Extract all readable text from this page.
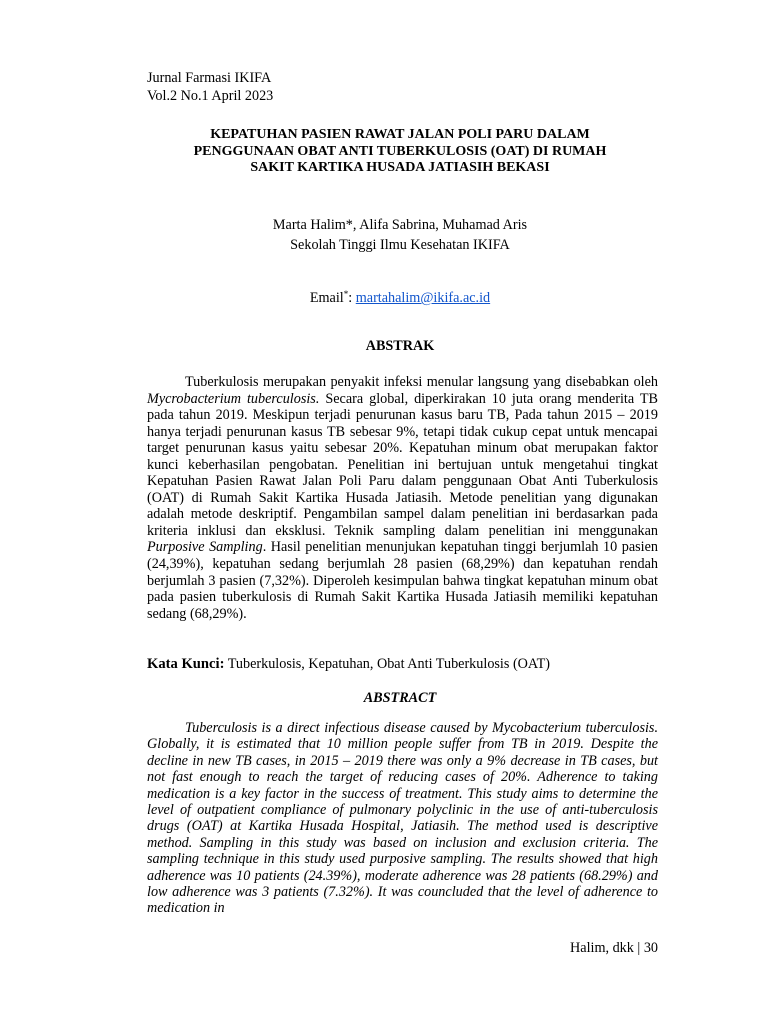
Jurnal Farmasi IKIFA
Vol.2 No.1 April 2023
KEPATUHAN PASIEN RAWAT JALAN POLI PARU DALAM
PENGGUNAAN OBAT ANTI TUBERKULOSIS (OAT) DI RUMAH
SAKIT KARTIKA HUSADA JATIASIH BEKASI
Marta Halim*, Alifa Sabrina, Muhamad Aris
Sekolah Tinggi Ilmu Kesehatan IKIFA
Email*: martahalim@ikifa.ac.id
ABSTRAK

Tuberkulosis merupakan penyakit infeksi menular langsung yang disebabkan oleh Mycrobacterium tuberculosis. Secara global, diperkirakan 10 juta orang menderita TB pada tahun 2019. Meskipun terjadi penurunan kasus baru TB, Pada tahun 2015 – 2019 hanya terjadi penurunan kasus TB sebesar 9%, tetapi tidak cukup cepat untuk mencapai target penurunan kasus yaitu sebesar 20%. Kepatuhan minum obat merupakan faktor kunci keberhasilan pengobatan. Penelitian ini bertujuan untuk mengetahui tingkat Kepatuhan Pasien Rawat Jalan Poli Paru dalam penggunaan Obat Anti Tuberkulosis (OAT) di Rumah Sakit Kartika Husada Jatiasih. Metode penelitian yang digunakan adalah metode deskriptif. Pengambilan sampel dalam penelitian ini berdasarkan pada kriteria inklusi dan eksklusi. Teknik sampling dalam penelitian ini menggunakan Purposive Sampling. Hasil penelitian menunjukan kepatuhan tinggi berjumlah 10 pasien (24,39%), kepatuhan sedang berjumlah 28 pasien (68,29%) dan kepatuhan rendah berjumlah 3 pasien (7,32%). Diperoleh kesimpulan bahwa tingkat kepatuhan minum obat pada pasien tuberkulosis di Rumah Sakit Kartika Husada Jatiasih memiliki kepatuhan sedang (68,29%).

Kata Kunci: Tuberkulosis, Kepatuhan, Obat Anti Tuberkulosis (OAT)
ABSTRACT

Tuberculosis is a direct infectious disease caused by Mycobacterium tuberculosis. Globally, it is estimated that 10 million people suffer from TB in 2019. Despite the decline in new TB cases, in 2015 – 2019 there was only a 9% decrease in TB cases, but not fast enough to reach the target of reducing cases of 20%. Adherence to taking medication is a key factor in the success of treatment. This study aims to determine the level of outpatient compliance of pulmonary polyclinic in the use of anti-tuberculosis drugs (OAT) at Kartika Husada Hospital, Jatiasih. The method used is descriptive method. Sampling in this study was based on inclusion and exclusion criteria. The sampling technique in this study used purposive sampling. The results showed that high adherence was 10 patients (24.39%), moderate adherence was 28 patients (68.29%) and low adherence was 3 patients (7.32%). It was councluded that the level of adherence to medication in

Halim, dkk | 30
